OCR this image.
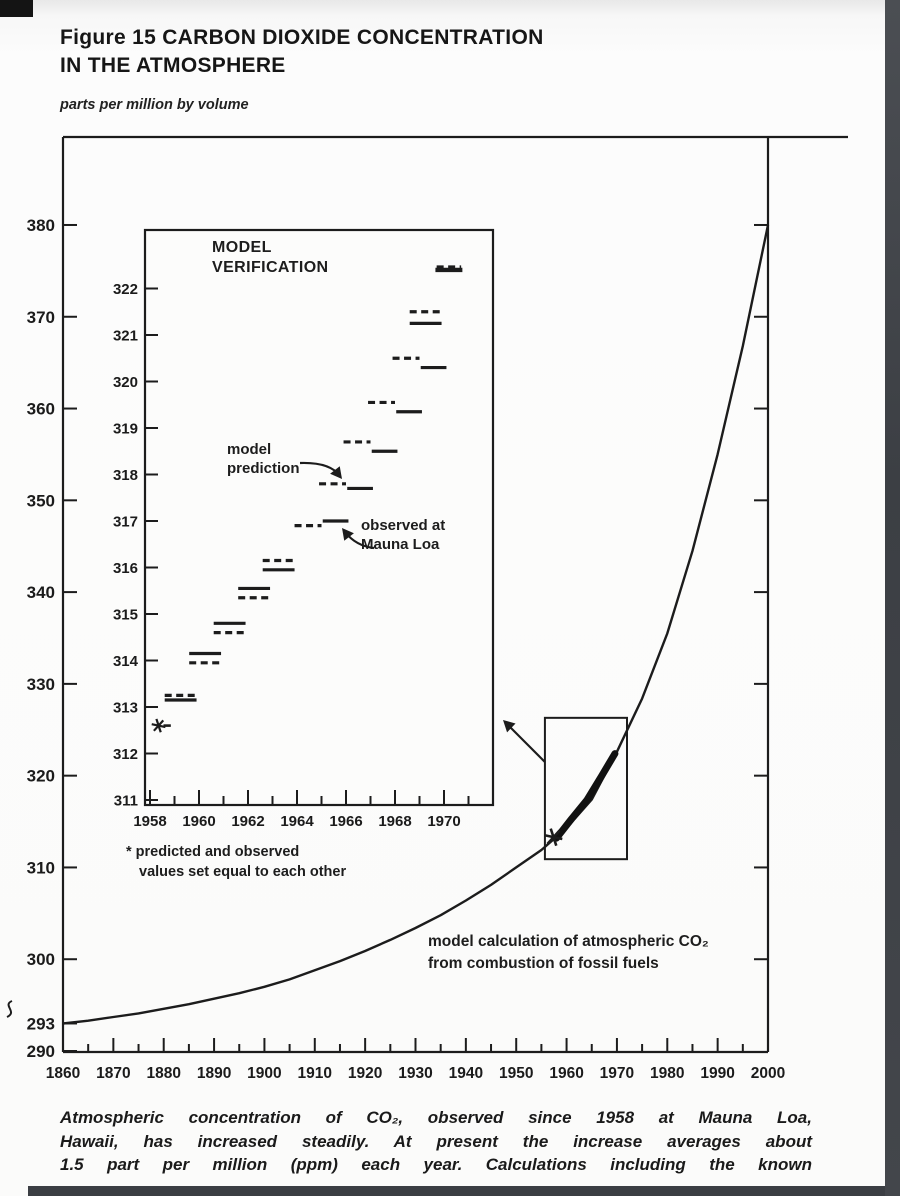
Figure 15 CARBON DIOXIDE CONCENTRATION
IN THE ATMOSPHERE
parts per million by volume
380
370
360
350
340
330
320
310
300
293
290
1860 1870 1880 1890 1900 1910 1920 1930 1940 1950 1960 1970 1980 1990 2000
311
312
313
314
315
316
317
318
319
320
321
322
1958 1960 1962 1964 1966 1968 1970
MODEL
VERIFICATION
model
prediction
observed at
Mauna Loa
model calculation of atmospheric CO₂
from combustion of fossil fuels
* predicted and observed
values set equal to each other
Atmospheric concentration of CO₂, observed since 1958 at Mauna Loa,
Hawaii, has increased steadily. At present the increase averages about
1.5 part per million (ppm) each year. Calculations including the known
